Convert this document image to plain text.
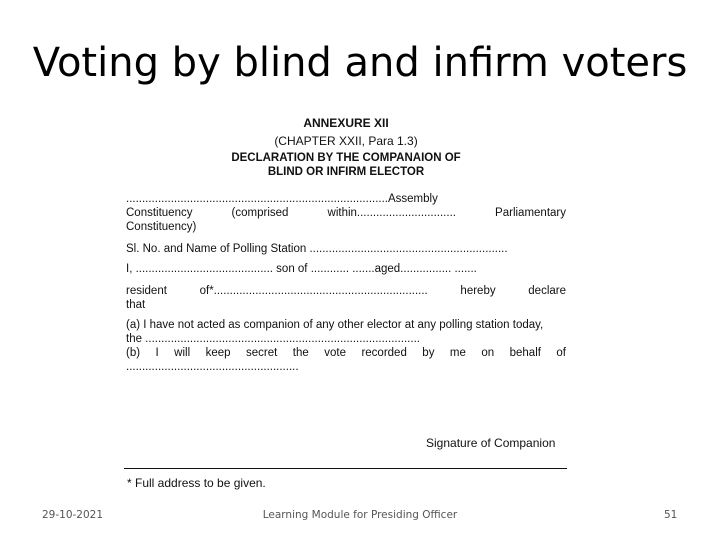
Voting by blind and infirm voters
ANNEXURE XII
(CHAPTER XXII, Para 1.3)
DECLARATION BY THE COMPANAION OF
BLIND OR INFIRM ELECTOR
..................................................................................Assembly
Constituency (comprised within............................... Parliamentary
Constituency)
Sl. No. and Name of Polling Station ..............................................................
I, ........................................... son of ............ .......aged................ .......
resident of*................................................................... hereby declare
that
(a) I have not acted as companion of any other elector at any polling station today,
the ......................................................................................
(b) I will keep secret the vote recorded by me on behalf of
......................................................
Signature of Companion
* Full address to be given.
29-10-2021	Learning Module for Presiding Officer	51
